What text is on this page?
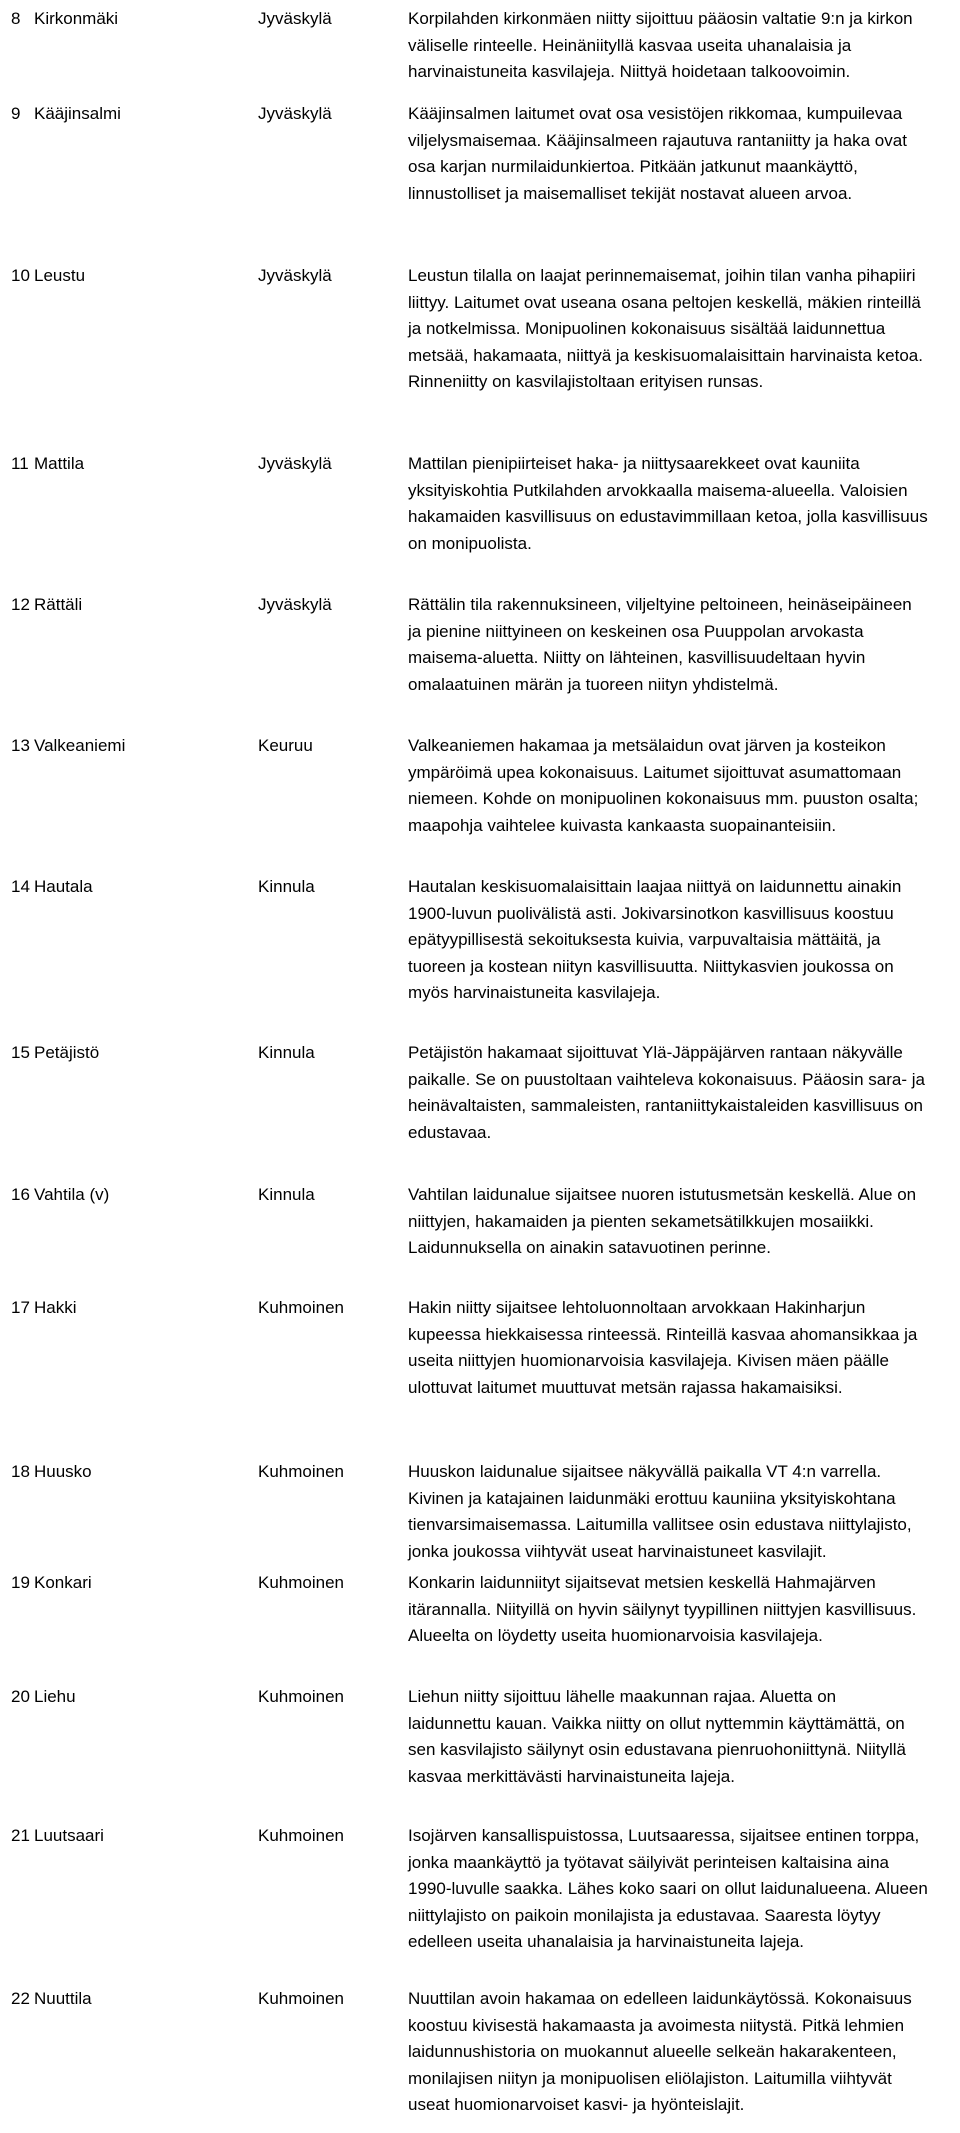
8 Kirkonmäki	Jyväskylä	Korpilahden kirkonmäen niitty sijoittuu pääosin valtatie 9:n ja kirkon
väliselle rinteelle. Heinäniityllä kasvaa useita uhanalaisia ja
harvinaistuneita kasvilajeja. Niittyä hoidetaan talkoovoimin.
9 Kääjinsalmi	Jyväskylä	Kääjinsalmen laitumet ovat osa vesistöjen rikkomaa, kumpuilevaa
viljelysmaisemaa. Kääjinsalmeen rajautuva rantaniitty ja haka ovat
osa karjan nurmilaidunkiertoa. Pitkään jatkunut maankäyttö,
linnustolliset ja maisemalliset tekijät nostavat alueen arvoa.
10 Leustu	Jyväskylä	Leustun tilalla on laajat perinnemaisemat, joihin tilan vanha pihapiiri
liittyy. Laitumet ovat useana osana peltojen keskellä, mäkien rinteillä
ja notkelmissa. Monipuolinen kokonaisuus sisältää laidunnettua
metsää, hakamaata, niittyä ja keskisuomalaisittain harvinaista ketoa.
Rinneniitty on kasvilajistoltaan erityisen runsas.
11 Mattila	Jyväskylä	Mattilan pienipiirteiset haka- ja niittysaarekkeet ovat kauniita
yksityiskohtia Putkilahden arvokkaalla maisema-alueella. Valoisien
hakamaiden kasvillisuus on edustavimmillaan ketoa, jolla kasvillisuus
on monipuolista.
12 Rättäli	Jyväskylä	Rättälin tila rakennuksineen, viljeltyine peltoineen, heinäseipäineen
ja pienine niittyineen on keskeinen osa Puuppolan arvokasta
maisema-aluetta. Niitty on lähteinen, kasvillisuudeltaan hyvin
omalaatuinen märän ja tuoreen niityn yhdistelmä.
13 Valkeaniemi	Keuruu	Valkeaniemen hakamaa ja metsälaidun ovat järven ja kosteikon
ympäröimä upea kokonaisuus. Laitumet sijoittuvat asumattomaan
niemeen. Kohde on monipuolinen kokonaisuus mm. puuston osalta;
maapohja vaihtelee kuivasta kankaasta suopainanteisiin.
14 Hautala	Kinnula	Hautalan keskisuomalaisittain laajaa niittyä on laidunnettu ainakin
1900-luvun puolivälistä asti. Jokivarsinotkon kasvillisuus koostuu
epätyypillisestä sekoituksesta kuivia, varpuvaltaisia mättäitä, ja
tuoreen ja kostean niityn kasvillisuutta. Niittykasvien joukossa on
myös harvinaistuneita kasvilajeja.
15 Petäjistö	Kinnula	Petäjistön hakamaat sijoittuvat Ylä-Jäppäjärven rantaan näkyvälle
paikalle. Se on puustoltaan vaihteleva kokonaisuus. Pääosin sara- ja
heinävaltaisten, sammaleisten, rantaniittykaistaleiden kasvillisuus on
edustavaa.
16 Vahtila (v)	Kinnula	Vahtilan laidunalue sijaitsee nuoren istutusmetsän keskellä. Alue on
niittyjen, hakamaiden ja pienten sekametsätilkkujen mosaiikki.
Laidunnuksella on ainakin satavuotinen perinne.
17 Hakki	Kuhmoinen	Hakin niitty sijaitsee lehtoluonnoltaan arvokkaan Hakinharjun
kupeessa hiekkaisessa rinteessä. Rinteillä kasvaa ahomansikkaa ja
useita niittyjen huomionarvoisia kasvilajeja. Kivisen mäen päälle
ulottuvat laitumet muuttuvat metsän rajassa hakamaisiksi.
18 Huusko	Kuhmoinen	Huuskon laidunalue sijaitsee näkyvällä paikalla VT 4:n varrella.
Kivinen ja katajainen laidunmäki erottuu kauniina yksityiskohtana
tienvarsimaisemassa. Laitumilla vallitsee osin edustava niittylajisto,
jonka joukossa viihtyvät useat harvinaistuneet kasvilajit.
19 Konkari	Kuhmoinen	Konkarin laidunniityt sijaitsevat metsien keskellä Hahmajärven
itärannalla. Niityillä on hyvin säilynyt tyypillinen niittyjen kasvillisuus.
Alueelta on löydetty useita huomionarvoisia kasvilajeja.
20 Liehu	Kuhmoinen	Liehun niitty sijoittuu lähelle maakunnan rajaa. Aluetta on
laidunnettu kauan. Vaikka niitty on ollut nyttemmin käyttämättä, on
sen kasvilajisto säilynyt osin edustavana pienruohoniittynä. Niityllä
kasvaa merkittävästi harvinaistuneita lajeja.
21 Luutsaari	Kuhmoinen	Isojärven kansallispuistossa, Luutsaaressa, sijaitsee entinen torppa,
jonka maankäyttö ja työtavat säilyivät perinteisen kaltaisina aina
1990-luvulle saakka. Lähes koko saari on ollut laidunalueena. Alueen
niittylajisto on paikoin monilajista ja edustavaa. Saaresta löytyy
edelleen useita uhanalaisia ja harvinaistuneita lajeja.
22 Nuuttila	Kuhmoinen	Nuuttilan avoin hakamaa on edelleen laidunkäytössä. Kokonaisuus
koostuu kivisestä hakamaasta ja avoimesta niitystä. Pitkä lehmien
laidunnushistoria on muokannut alueelle selkeän hakarakenteen,
monilajisen niityn ja monipuolisen eliölajiston. Laitumilla viihtyvät
useat huomionarvoiset kasvi- ja hyönteislajit.
